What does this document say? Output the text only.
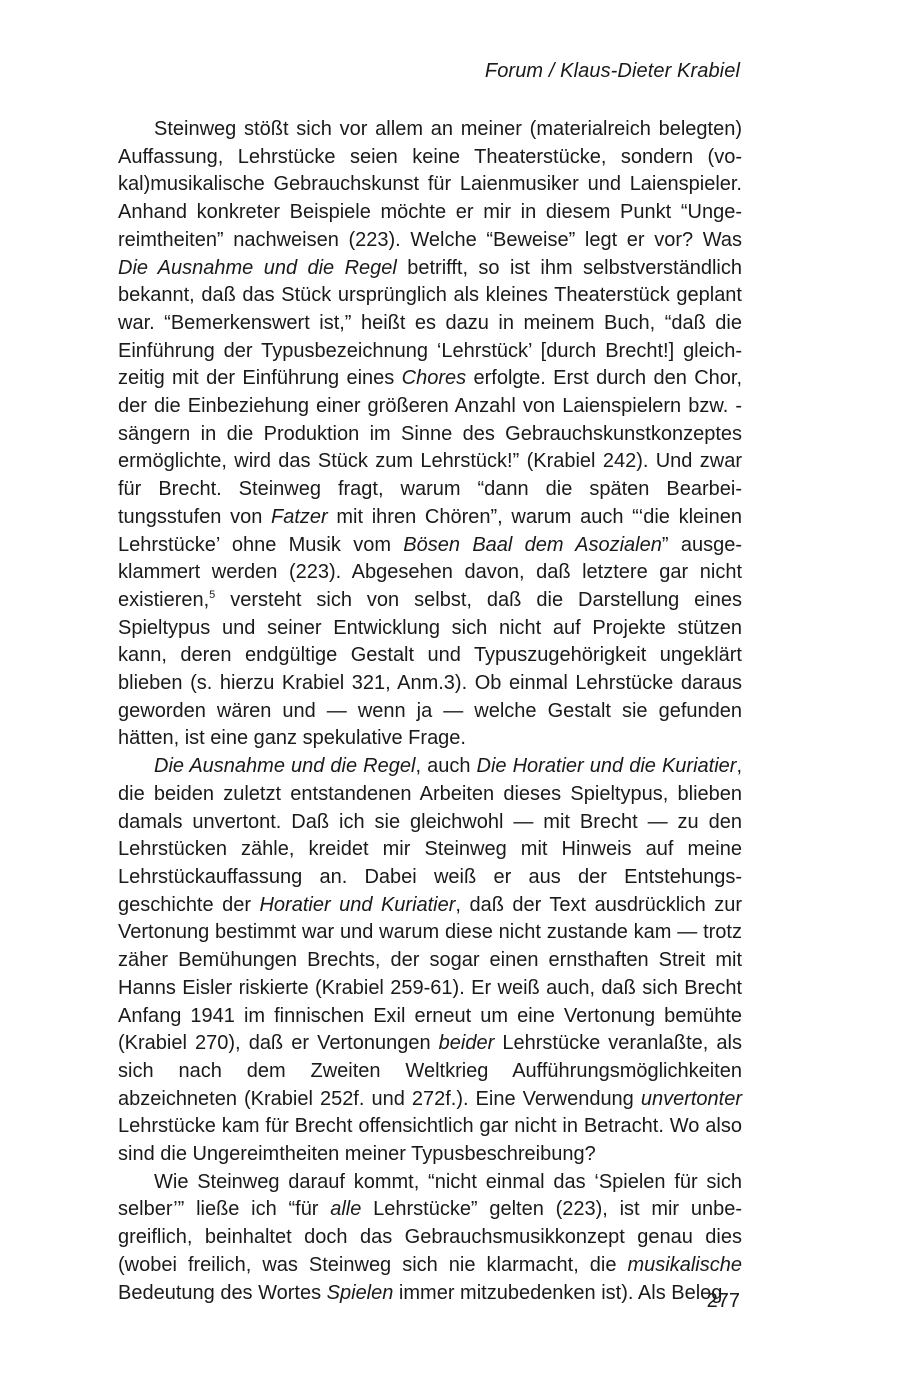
Forum / Klaus-Dieter Krabiel

Steinweg stößt sich vor allem an meiner (materialreich belegten) Auffassung, Lehrstücke seien keine Theaterstücke, sondern (vokal)musikalische Gebrauchskunst für Laienmusiker und Laienspieler. Anhand konkreter Beispiele möchte er mir in diesem Punkt “Ungereimtheiten” nachweisen (223). Welche “Beweise” legt er vor? Was Die Ausnahme und die Regel betrifft, so ist ihm selbstverständlich bekannt, daß das Stück ursprünglich als kleines Theaterstück geplant war. “Bemerkenswert ist,” heißt es dazu in meinem Buch, “daß die Einführung der Typusbezeichnung ‘Lehrstück’ [durch Brecht!] gleichzeitig mit der Einführung eines Chores erfolgte. Erst durch den Chor, der die Einbeziehung einer größeren Anzahl von Laienspielern bzw. -sängern in die Produktion im Sinne des Gebrauchskunstkonzeptes ermöglichte, wird das Stück zum Lehrstück!” (Krabiel 242). Und zwar für Brecht. Steinweg fragt, warum “dann die späten Bearbeitungsstufen von Fatzer mit ihren Chören”, warum auch “‘die kleinen Lehrstücke’ ohne Musik vom Bösen Baal dem Asozialen” ausgeklammert werden (223). Abgesehen davon, daß letztere gar nicht existieren,$^5$ versteht sich von selbst, daß die Darstellung eines Spieltypus und seiner Entwicklung sich nicht auf Projekte stützen kann, deren endgültige Gestalt und Typuszugehörigkeit ungeklärt blieben (s. hierzu Krabiel 321, Anm.3). Ob einmal Lehrstücke daraus geworden wären und — wenn ja — welche Gestalt sie gefunden hätten, ist eine ganz spekulative Frage.

Die Ausnahme und die Regel, auch Die Horatier und die Kuriatier, die beiden zuletzt entstandenen Arbeiten dieses Spieltypus, blieben damals unvertont. Daß ich sie gleichwohl — mit Brecht — zu den Lehrstücken zähle, kreidet mir Steinweg mit Hinweis auf meine Lehrstückauffassung an. Dabei weiß er aus der Entstehungsgeschichte der Horatier und Kuriatier, daß der Text ausdrücklich zur Vertonung bestimmt war und warum diese nicht zustande kam — trotz zäher Bemühungen Brechts, der sogar einen ernsthaften Streit mit Hanns Eisler riskierte (Krabiel 259-61). Er weiß auch, daß sich Brecht Anfang 1941 im finnischen Exil erneut um eine Vertonung bemühte (Krabiel 270), daß er Vertonungen beider Lehrstücke veranlaßte, als sich nach dem Zweiten Weltkrieg Aufführungsmöglichkeiten abzeichneten (Krabiel 252f. und 272f.). Eine Verwendung unvertonter Lehrstücke kam für Brecht offensichtlich gar nicht in Betracht. Wo also sind die Ungereimtheiten meiner Typusbeschreibung?

Wie Steinweg darauf kommt, “nicht einmal das ‘Spielen für sich selber’” ließe ich “für alle Lehrstücke” gelten (223), ist mir unbegreiflich, beinhaltet doch das Gebrauchsmusikkonzept genau dies (wobei freilich, was Steinweg sich nie klarmacht, die musikalische Bedeutung des Wortes Spielen immer mitzubedenken ist). Als Beleg

277
